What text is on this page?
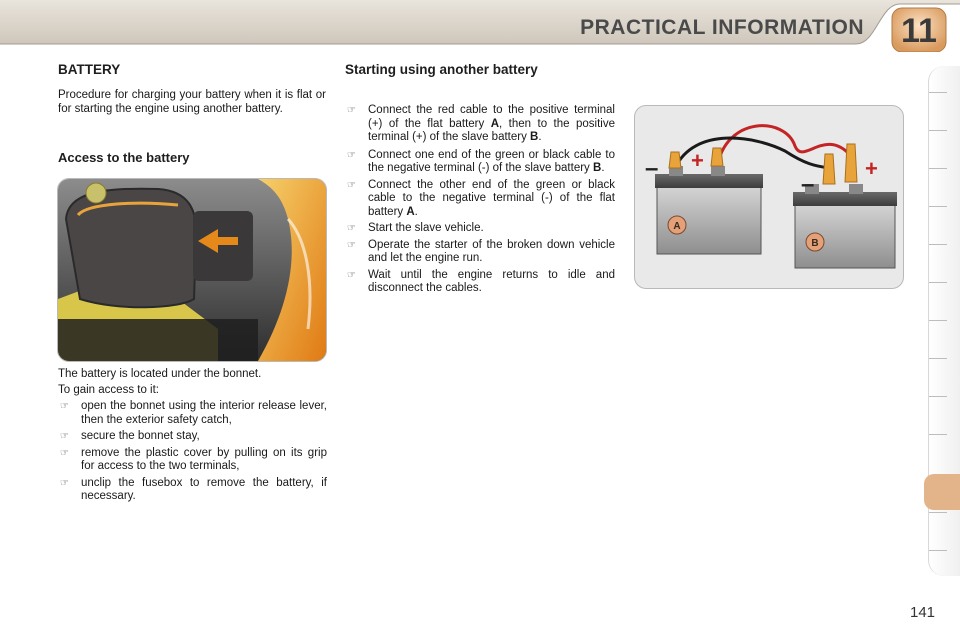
PRACTICAL INFORMATION 11
BATTERY

Procedure for charging your battery when it is flat or for starting the engine using another battery.

Access to the battery

The battery is located under the bonnet.

To gain access to it:

☞ open the bonnet using the interior release lever, then the exterior safety catch,
☞ secure the bonnet stay,
☞ remove the plastic cover by pulling on its grip for access to the two terminals,
☞ unclip the fusebox to remove the battery, if necessary.
Starting using another battery
☞ Connect the red cable to the positive terminal (+) of the flat battery A, then to the positive terminal (+) of the slave battery B.
☞ Connect one end of the green or black cable to the negative terminal (-) of the slave battery B.
☞ Connect the other end of the green or black cable to the negative terminal (-) of the flat battery A.
☞ Start the slave vehicle.
☞ Operate the starter of the broken down vehicle and let the engine run.
☞ Wait until the engine returns to idle and disconnect the cables.
A
B
– +
–
+
141
